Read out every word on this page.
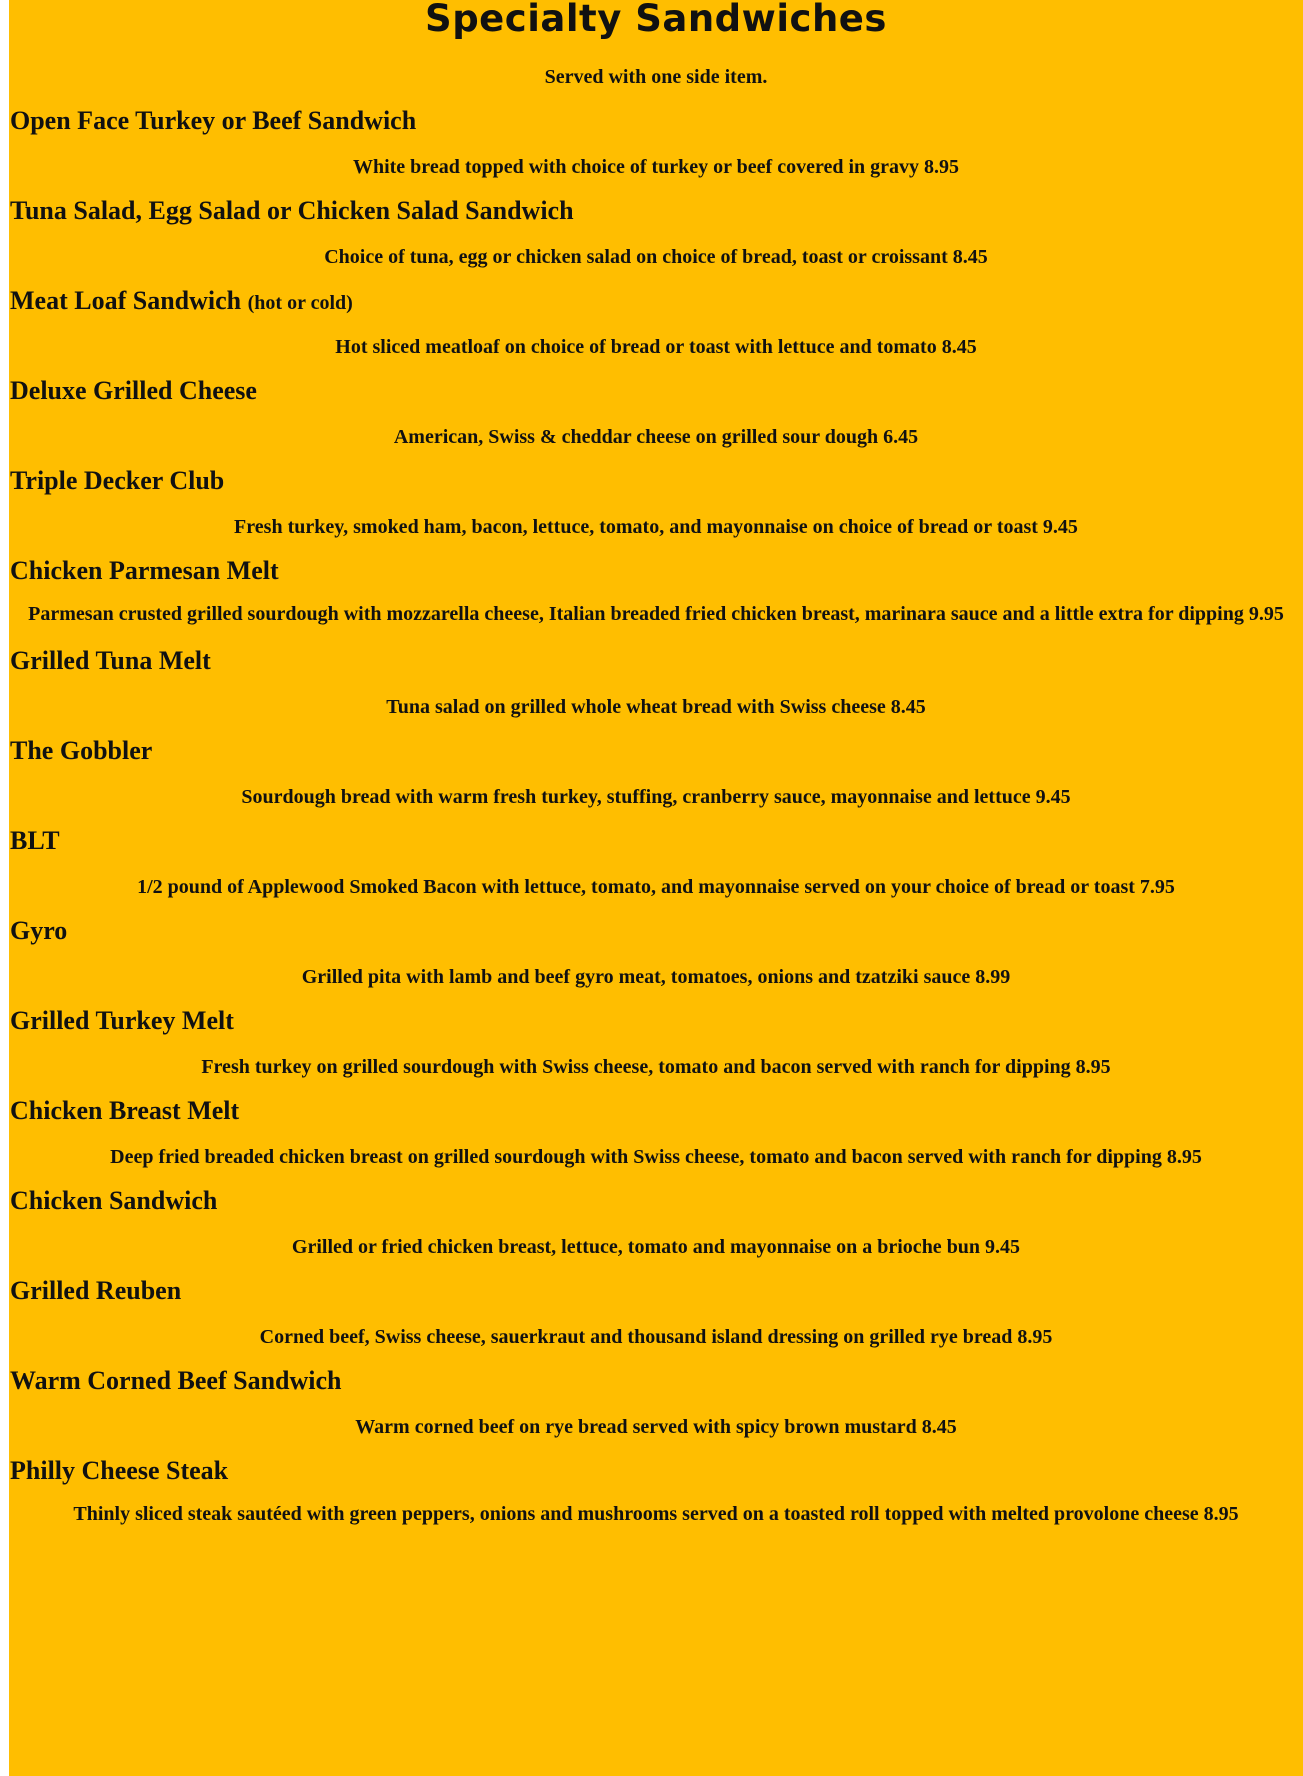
Specialty Sandwiches

Served with one side item.

Open Face Turkey or Beef Sandwich

White bread topped with choice of turkey or beef covered in gravy 8.95

Tuna Salad, Egg Salad or Chicken Salad Sandwich

Choice of tuna, egg or chicken salad on choice of bread, toast or croissant 8.45

Meat Loaf Sandwich (hot or cold)

Hot sliced meatloaf on choice of bread or toast with lettuce and tomato 8.45

Deluxe Grilled Cheese

American, Swiss & cheddar cheese on grilled sour dough 6.45

Triple Decker Club

Fresh turkey, smoked ham, bacon, lettuce, tomato, and mayonnaise on choice of bread or toast 9.45

Chicken Parmesan Melt

Parmesan crusted grilled sourdough with mozzarella cheese, Italian breaded fried chicken breast, marinara sauce and a little extra for dipping 9.95

Grilled Tuna Melt

Tuna salad on grilled whole wheat bread with Swiss cheese 8.45

The Gobbler

Sourdough bread with warm fresh turkey, stuffing, cranberry sauce, mayonnaise and lettuce 9.45

BLT

1/2 pound of Applewood Smoked Bacon with lettuce, tomato, and mayonnaise served on your choice of bread or toast 7.95

Gyro

Grilled pita with lamb and beef gyro meat, tomatoes, onions and tzatziki sauce 8.99

Grilled Turkey Melt

Fresh turkey on grilled sourdough with Swiss cheese, tomato and bacon served with ranch for dipping 8.95

Chicken Breast Melt

Deep fried breaded chicken breast on grilled sourdough with Swiss cheese, tomato and bacon served with ranch for dipping 8.95

Chicken Sandwich

Grilled or fried chicken breast, lettuce, tomato and mayonnaise on a brioche bun 9.45

Grilled Reuben

Corned beef, Swiss cheese, sauerkraut and thousand island dressing on grilled rye bread 8.95

Warm Corned Beef Sandwich

Warm corned beef on rye bread served with spicy brown mustard 8.45

Philly Cheese Steak

Thinly sliced steak sautéed with green peppers, onions and mushrooms served on a toasted roll topped with melted provolone cheese 8.95
